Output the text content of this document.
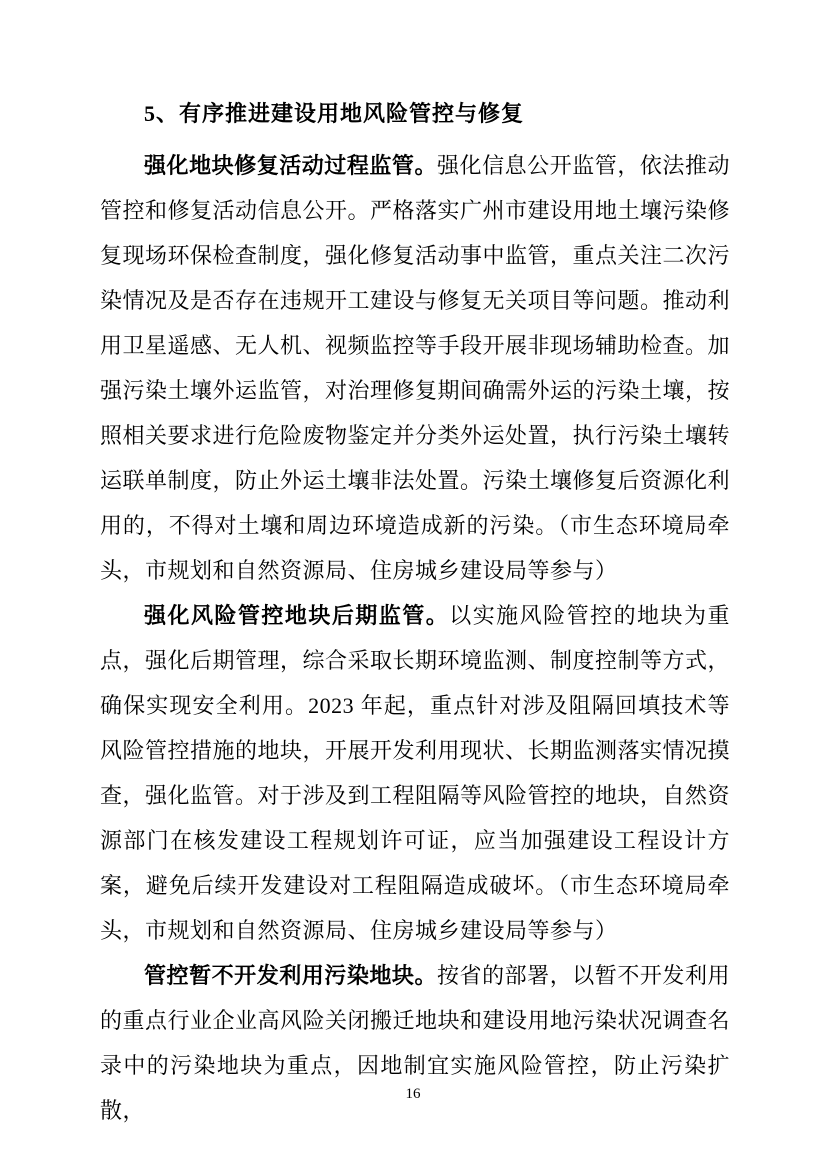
5、有序推进建设用地风险管控与修复

强化地块修复活动过程监管。强化信息公开监管，依法推动管控和修复活动信息公开。严格落实广州市建设用地土壤污染修复现场环保检查制度，强化修复活动事中监管，重点关注二次污染情况及是否存在违规开工建设与修复无关项目等问题。推动利用卫星遥感、无人机、视频监控等手段开展非现场辅助检查。加强污染土壤外运监管，对治理修复期间确需外运的污染土壤，按照相关要求进行危险废物鉴定并分类外运处置，执行污染土壤转运联单制度，防止外运土壤非法处置。污染土壤修复后资源化利用的，不得对土壤和周边环境造成新的污染。（市生态环境局牵头，市规划和自然资源局、住房城乡建设局等参与）

强化风险管控地块后期监管。以实施风险管控的地块为重点，强化后期管理，综合采取长期环境监测、制度控制等方式，确保实现安全利用。2023 年起，重点针对涉及阻隔回填技术等风险管控措施的地块，开展开发利用现状、长期监测落实情况摸查，强化监管。对于涉及到工程阻隔等风险管控的地块，自然资源部门在核发建设工程规划许可证，应当加强建设工程设计方案，避免后续开发建设对工程阻隔造成破坏。（市生态环境局牵头，市规划和自然资源局、住房城乡建设局等参与）

管控暂不开发利用污染地块。按省的部署，以暂不开发利用的重点行业企业高风险关闭搬迁地块和建设用地污染状况调查名录中的污染地块为重点，因地制宜实施风险管控，防止污染扩散，

16
